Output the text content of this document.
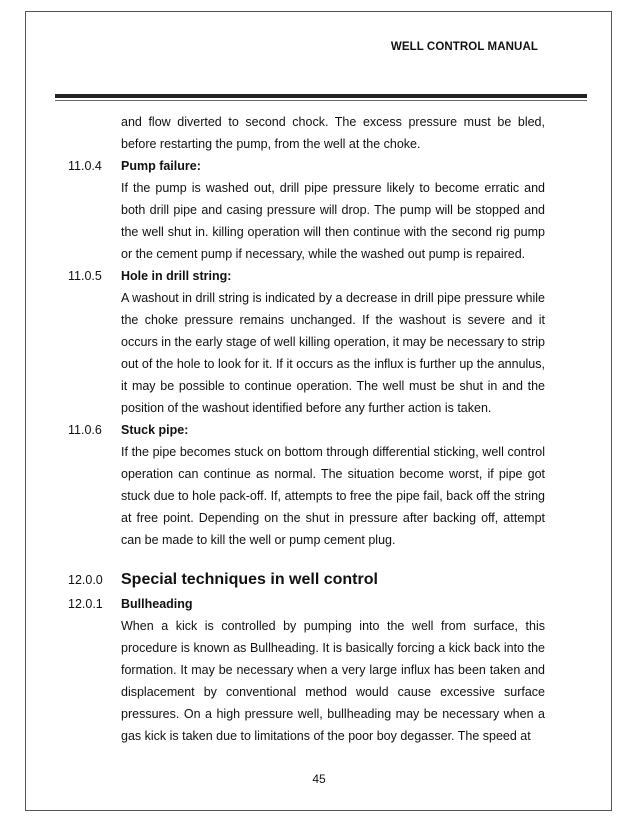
WELL CONTROL MANUAL
and flow diverted to second chock. The excess pressure must be bled, before restarting the pump, from the well at the choke.
11.0.4 Pump failure:
If the pump is washed out, drill pipe pressure likely to become erratic and both drill pipe and casing pressure will drop. The pump will be stopped and the well shut in. killing operation will then continue with the second rig pump or the cement pump if necessary, while the washed out pump is repaired.
11.0.5 Hole in drill string:
A washout in drill string is indicated by a decrease in drill pipe pressure while the choke pressure remains unchanged. If the washout is severe and it occurs in the early stage of well killing operation, it may be necessary to strip out of the hole to look for it. If it occurs as the influx is further up the annulus, it may be possible to continue operation. The well must be shut in and the position of the washout identified before any further action is taken.
11.0.6 Stuck pipe:
If the pipe becomes stuck on bottom through differential sticking, well control operation can continue as normal. The situation become worst, if pipe got stuck due to hole pack-off. If, attempts to free the pipe fail, back off the string at free point. Depending on the shut in pressure after backing off, attempt can be made to kill the well or pump cement plug.
12.0.0 Special techniques in well control
12.0.1 Bullheading
When a kick is controlled by pumping into the well from surface, this procedure is known as Bullheading. It is basically forcing a kick back into the formation. It may be necessary when a very large influx has been taken and displacement by conventional method would cause excessive surface pressures. On a high pressure well, bullheading may be necessary when a gas kick is taken due to limitations of the poor boy degasser. The speed at
45
